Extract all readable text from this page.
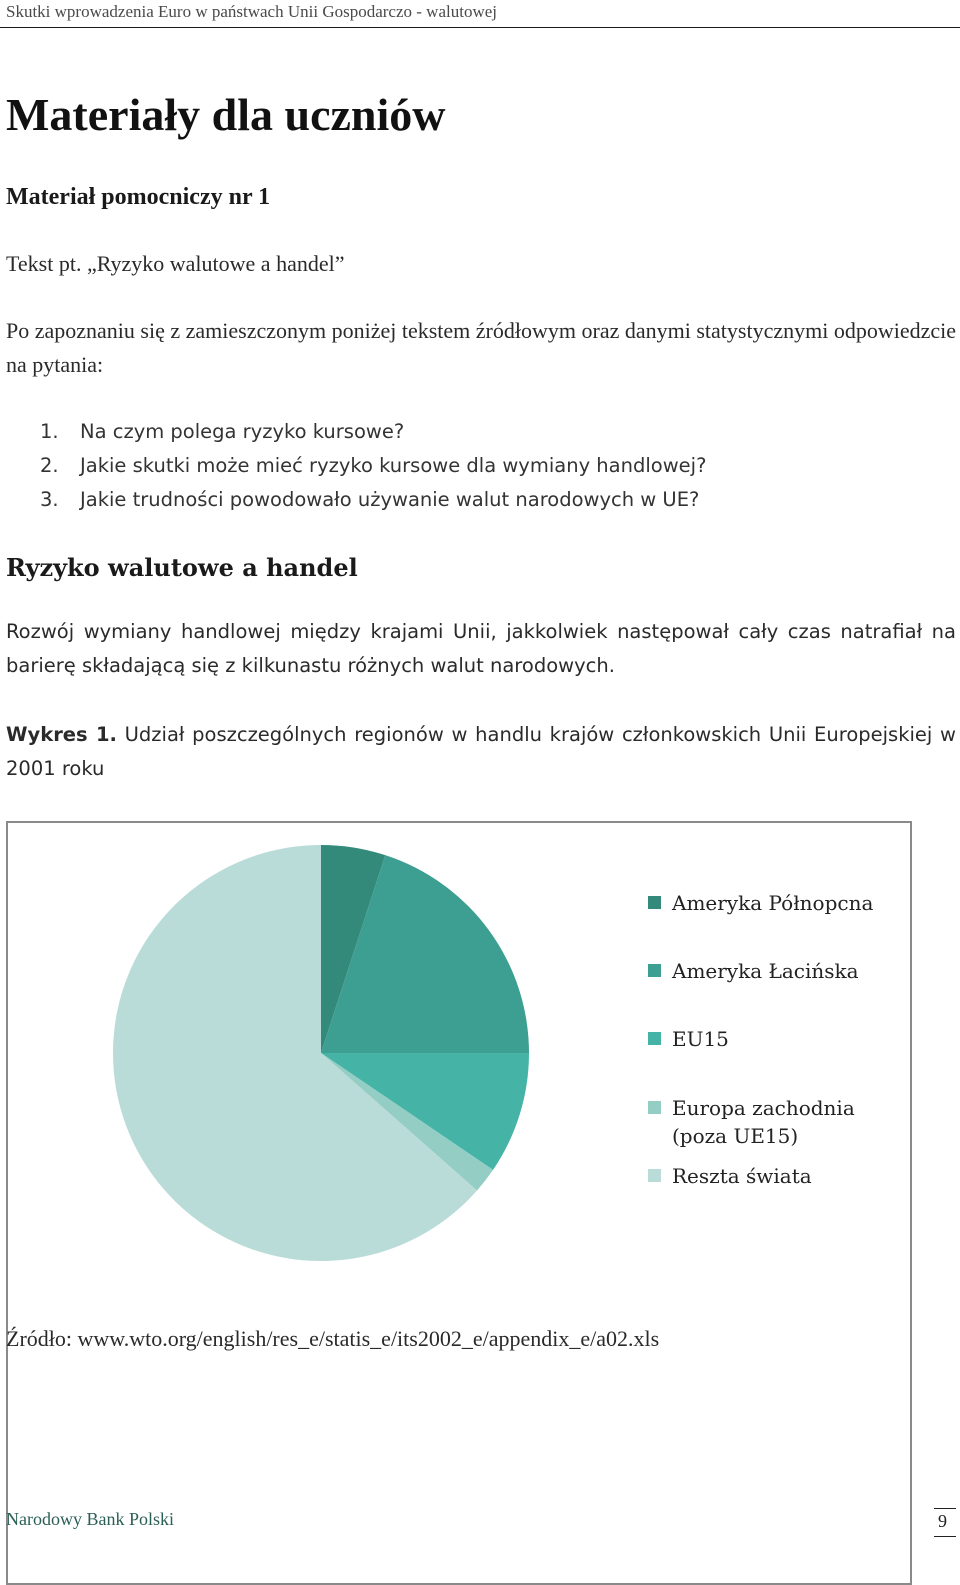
Skutki wprowadzenia Euro w państwach Unii Gospodarczo - walutowej
Materiały dla uczniów
Materiał pomocniczy nr 1
Tekst pt. „Ryzyko walutowe a handel”
Po zapoznaniu się z zamieszczonym poniżej tekstem źródłowym oraz danymi statystycznymi odpowiedzcie na pytania:
1. Na czym polega ryzyko kursowe?
2. Jakie skutki może mieć ryzyko kursowe dla wymiany handlowej?
3. Jakie trudności powodowało używanie walut narodowych w UE?
Ryzyko walutowe a handel
Rozwój wymiany handlowej między krajami Unii, jakkolwiek następował cały czas natrafiał na barierę składającą się z kilkunastu różnych walut narodowych.
Wykres 1. Udział poszczególnych regionów w handlu krajów członkowskich Unii Europejskiej w 2001 roku
Ameryka Półnopcna
Ameryka Łacińska
EU15
Europa zachodnia (poza UE15)
Reszta świata
Źródło: www.wto.org/english/res_e/statis_e/its2002_e/appendix_e/a02.xls
Narodowy Bank Polski	9
